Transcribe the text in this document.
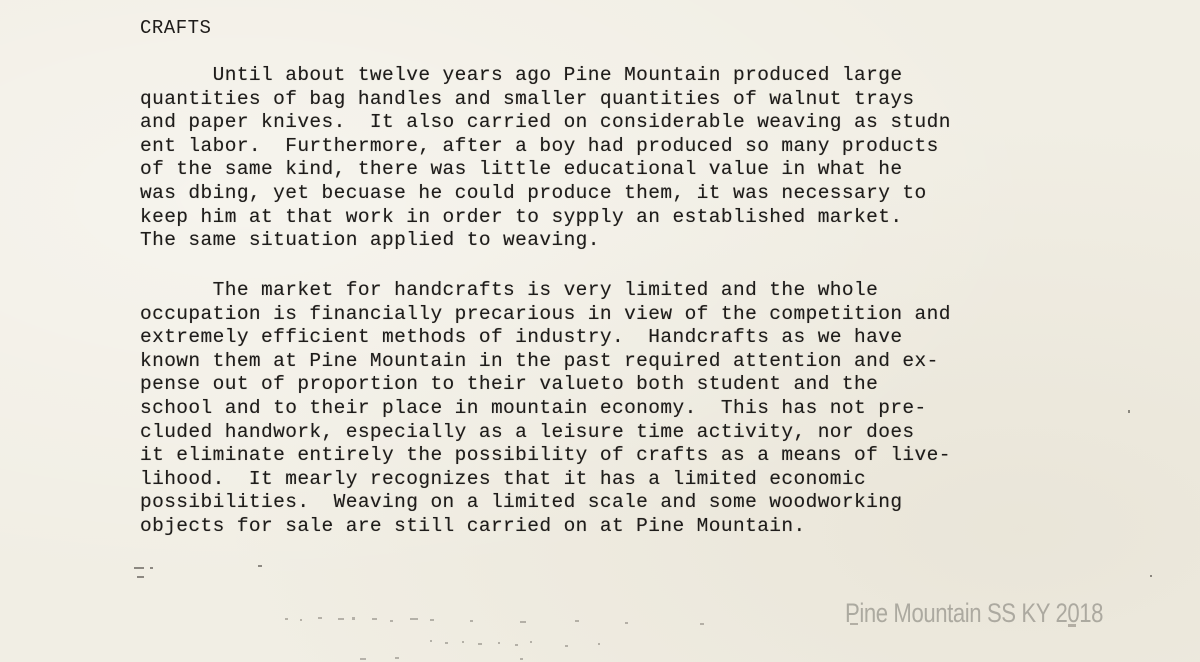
CRAFTS
Until about twelve years ago Pine Mountain produced large
quantities of bag handles and smaller quantities of walnut trays
and paper knives.  It also carried on considerable weaving as studn
ent labor.  Furthermore, after a boy had produced so many products
of the same kind, there was little educational value in what he
was dbing, yet becuase he could produce them, it was necessary to
keep him at that work in order to sypply an established market.
The same situation applied to weaving.
The market for handcrafts is very limited and the whole
occupation is financially precarious in view of the competition and
extremely efficient methods of industry.  Handcrafts as we have
known them at Pine Mountain in the past required attention and ex-
pense out of proportion to their valueto both student and the
school and to their place in mountain economy.  This has not pre-
cluded handwork, especially as a leisure time activity, nor does
it eliminate entirely the possibility of crafts as a means of live-
lihood.  It mearly recognizes that it has a limited economic
possibilities.  Weaving on a limited scale and some woodworking
objects for sale are still carried on at Pine Mountain.
Pine Mountain SS KY 2018
